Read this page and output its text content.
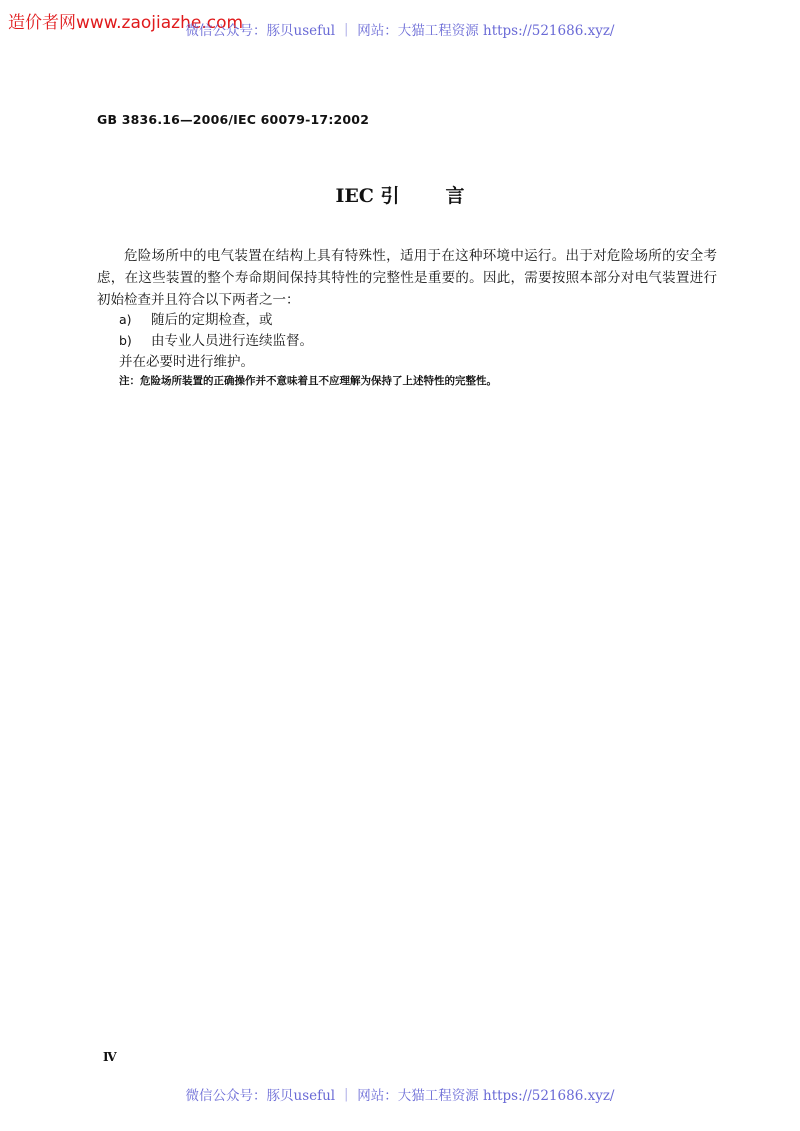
造价者网www.zaojiazhe.com
微信公众号：豚贝useful ｜ 网站：大猫工程资源 https://521686.xyz/
GB 3836.16—2006/IEC 60079-17:2002
IEC 引 言
危险场所中的电气装置在结构上具有特殊性，适用于在这种环境中运行。出于对危险场所的安全考虑，在这些装置的整个寿命期间保持其特性的完整性是重要的。因此，需要按照本部分对电气装置进行初始检查并且符合以下两者之一：
a) 随后的定期检查，或
b) 由专业人员进行连续监督。
并在必要时进行维护。
注：危险场所装置的正确操作并不意味着且不应理解为保持了上述特性的完整性。
Ⅳ
微信公众号：豚贝useful ｜ 网站：大猫工程资源 https://521686.xyz/
